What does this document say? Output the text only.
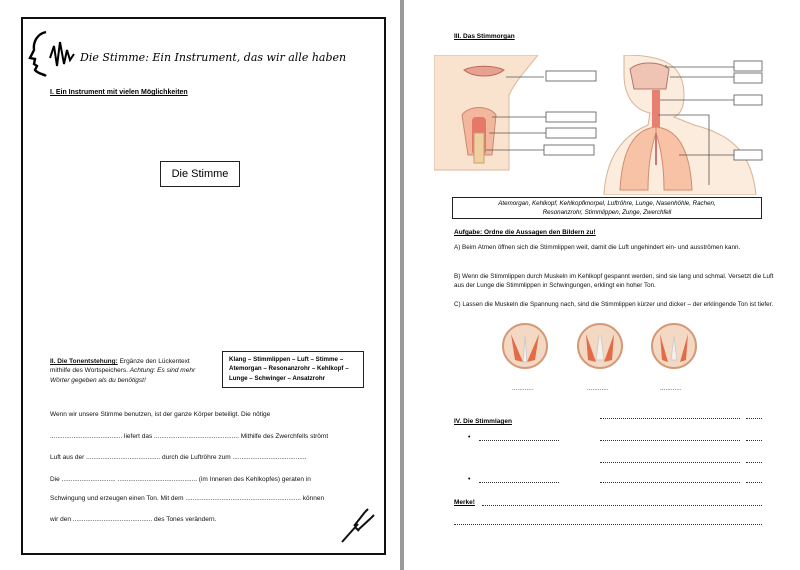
Die Stimme: Ein Instrument, das wir alle haben
I. Ein Instrument mit vielen Möglichkeiten
Die Stimme
II. Die Tonentstehung: Ergänze den Lückentext mithilfe des Wortspeichers. Achtung: Es sind mehr Wörter gegeben als du benötigst!
Klang – Stimmlippen – Luft – Stimme –
Atemorgan – Resonanzrohr – Kehlkopf –
Lunge – Schwinger – Ansatzrohr
Wenn wir unsere Stimme benutzen, ist der ganze Körper beteiligt. Die nötige
........................................ liefert das ............................................... Mithilfe des Zwerchfells strömt
Luft aus der ......................................... durch die Luftröhre zum .........................................
Die .............................. ............................................ (im Inneren des Kehlkopfes) geraten in
Schwingung und erzeugen einen Ton. Mit dem ................................................................ können
wir den ............................................ des Tones verändern.
III. Das Stimmorgan
Atemorgan, Kehlkopf, Kehlkopfknorpel, Luftröhre, Lunge, Nasenhöhle, Rachen,
Resonanzrohr, Stimmlippen, Zunge, Zwerchfell
Aufgabe: Ordne die Aussagen den Bildern zu!
A) Beim Atmen öffnen sich die Stimmlippen weit, damit die Luft ungehindert ein- und ausströmen kann.
B) Wenn die Stimmlippen durch Muskeln im Kehlkopf gespannt werden, sind sie lang und schmal. Versetzt die Luft aus der Lunge die Stimmlippen in Schwingungen, erklingt ein hoher Ton.
C) Lassen die Muskeln die Spannung nach, sind die Stimmlippen kürzer und dicker – der erklingende Ton ist tiefer.
............	............	............
IV. Die Stimmlagen
•
•
Merke!
